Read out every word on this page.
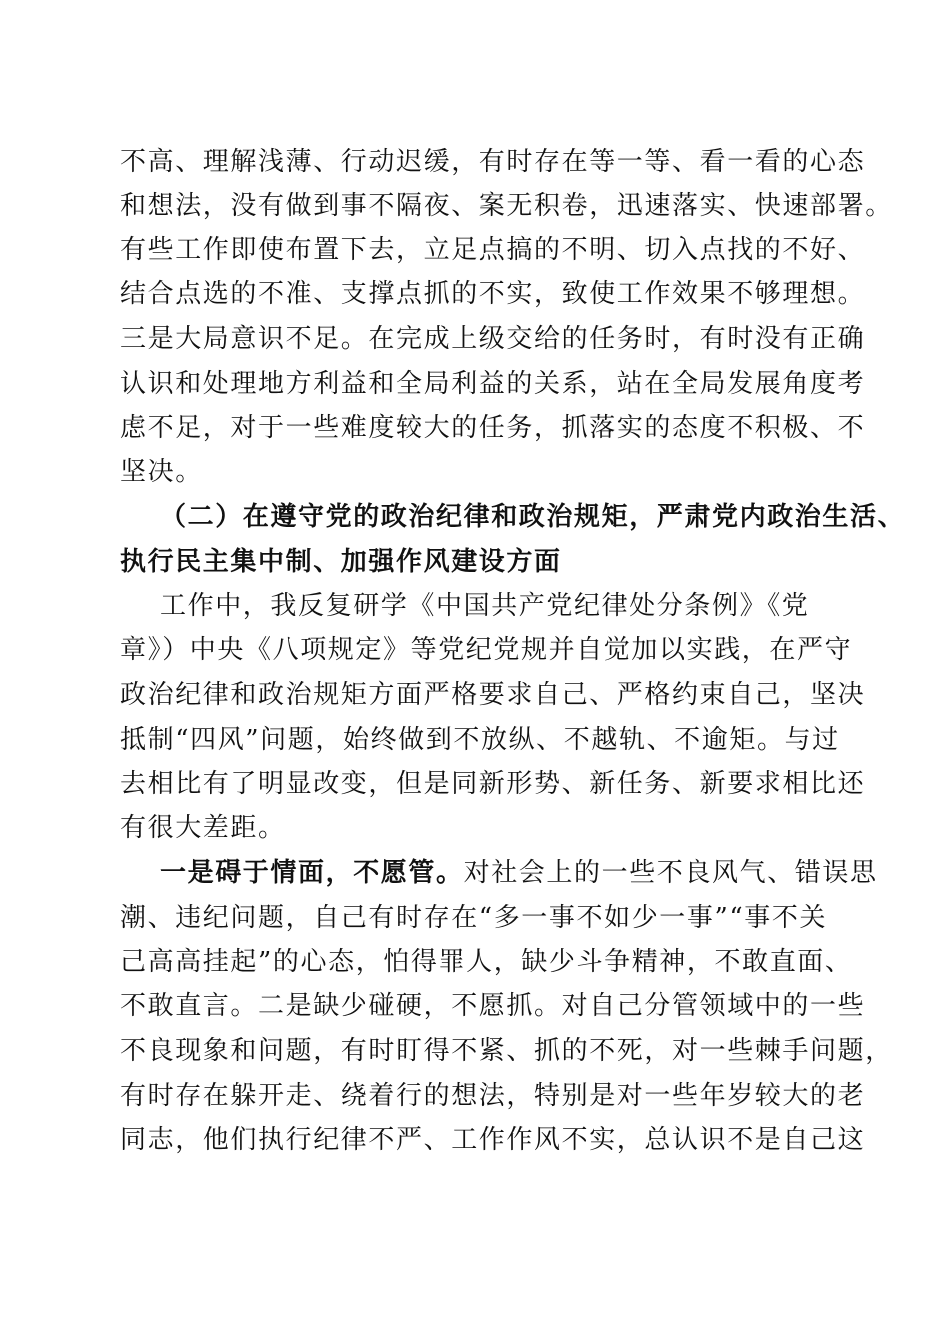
不高、理解浅薄、行动迟缓，有时存在等一等、看一看的心态
和想法，没有做到事不隔夜、案无积卷，迅速落实、快速部署。
有些工作即使布置下去，立足点搞的不明、切入点找的不好、
结合点选的不准、支撑点抓的不实，致使工作效果不够理想。
三是大局意识不足。在完成上级交给的任务时，有时没有正确
认识和处理地方利益和全局利益的关系，站在全局发展角度考
虑不足，对于一些难度较大的任务，抓落实的态度不积极、不
坚决。
（二）在遵守党的政治纪律和政治规矩，严肃党内政治生活、
执行民主集中制、加强作风建设方面
工作中，我反复研学《中国共产党纪律处分条例》《党
章》）中央《八项规定》等党纪党规并自觉加以实践，在严守
政治纪律和政治规矩方面严格要求自己、严格约束自己，坚决
抵制“四风”问题，始终做到不放纵、不越轨、不逾矩。与过
去相比有了明显改变，但是同新形势、新任务、新要求相比还
有很大差距。
一是碍于情面，不愿管。对社会上的一些不良风气、错误思
潮、违纪问题，自己有时存在“多一事不如少一事”“事不关
己高高挂起”的心态，怕得罪人，缺少斗争精神，不敢直面、
不敢直言。二是缺少碰硬，不愿抓。对自己分管领域中的一些
不良现象和问题，有时盯得不紧、抓的不死，对一些棘手问题，
有时存在躲开走、绕着行的想法，特别是对一些年岁较大的老
同志，他们执行纪律不严、工作作风不实，总认识不是自己这
